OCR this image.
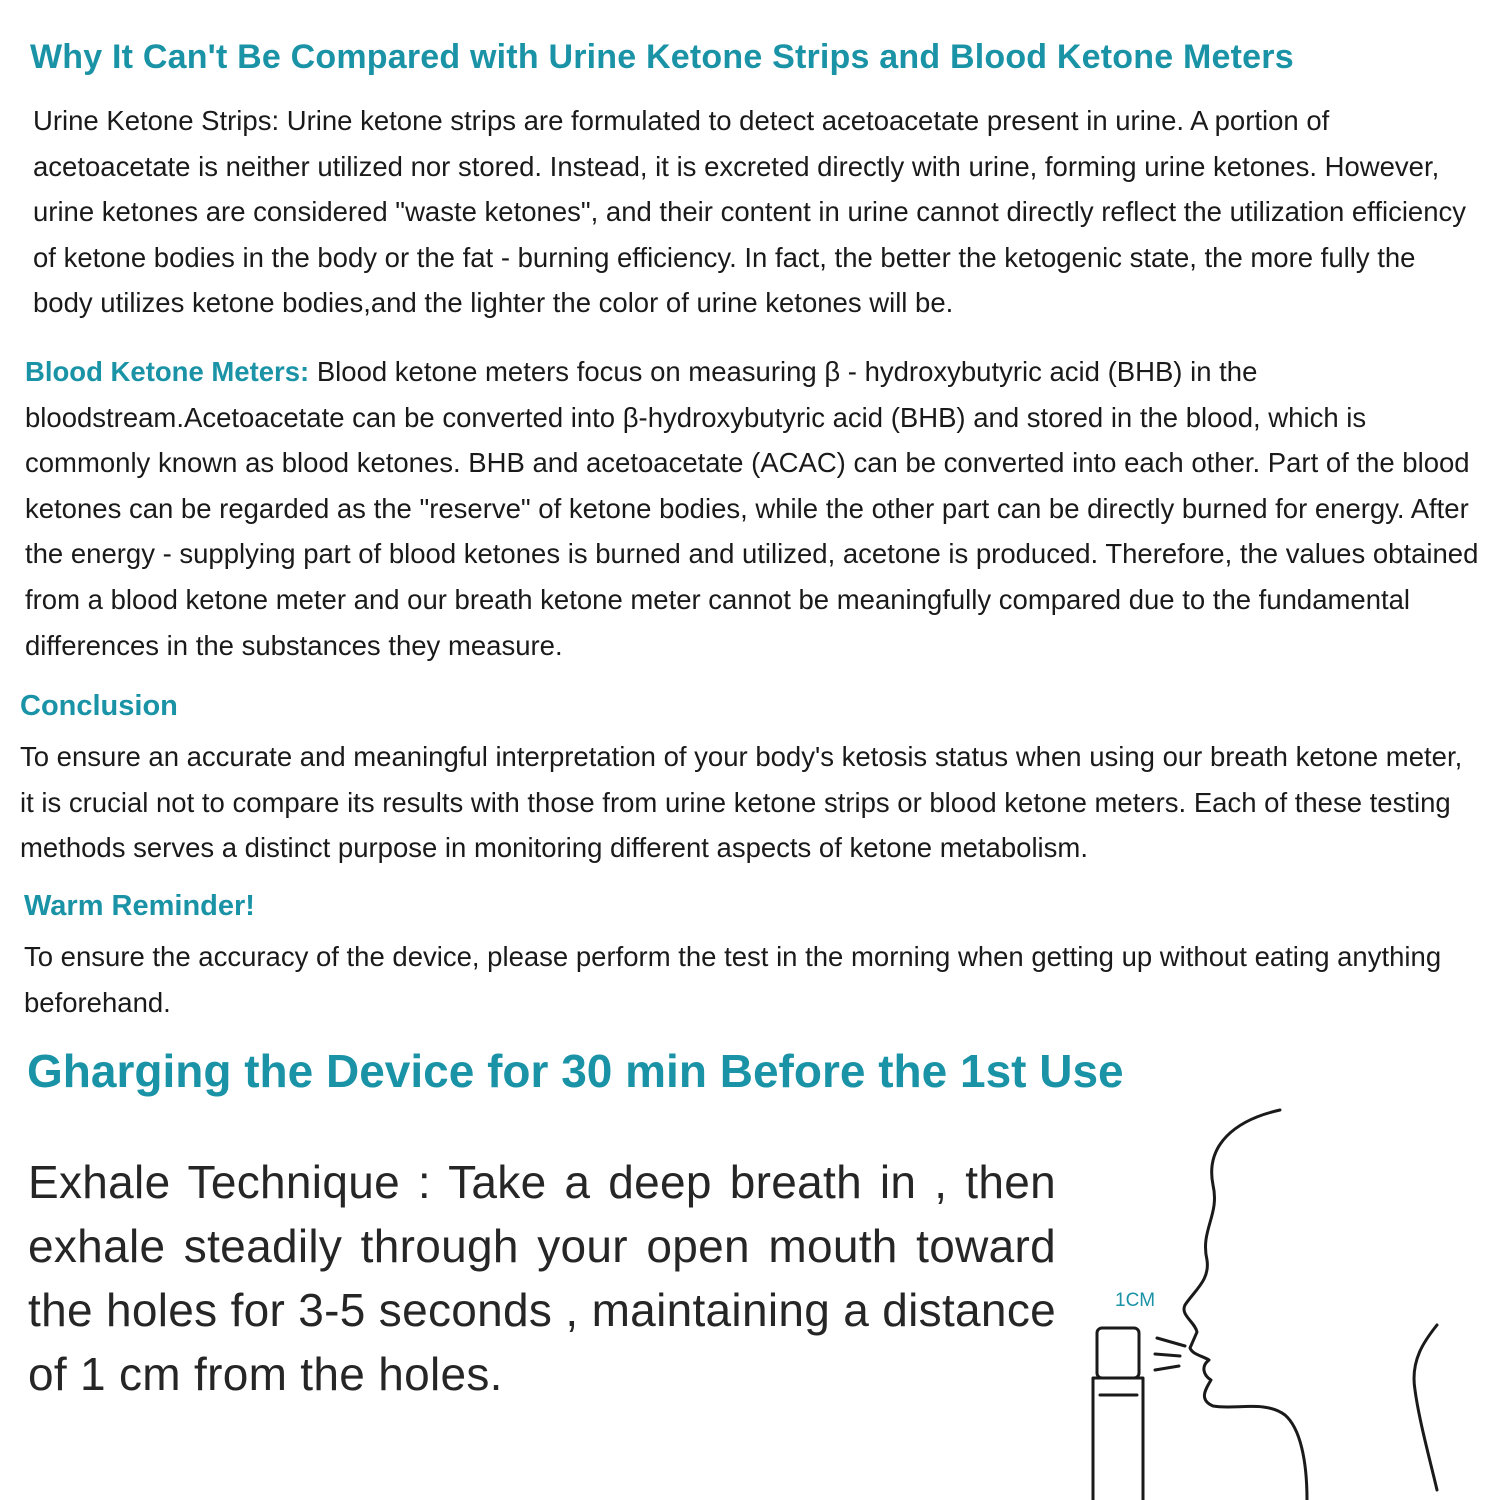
Why It Can't Be Compared with Urine Ketone Strips and Blood Ketone Meters

Urine Ketone Strips: Urine ketone strips are formulated to detect acetoacetate present in urine. A portion of acetoacetate is neither utilized nor stored. Instead, it is excreted directly with urine, forming urine ketones. However, urine ketones are considered "waste ketones", and their content in urine cannot directly reflect the utilization efficiency of ketone bodies in the body or the fat - burning efficiency. In fact, the better the ketogenic state, the more fully the body utilizes ketone bodies,and the lighter the color of urine ketones will be.

Blood Ketone Meters: Blood ketone meters focus on measuring β - hydroxybutyric acid (BHB) in the bloodstream.Acetoacetate can be converted into β-hydroxybutyric acid (BHB) and stored in the blood, which is commonly known as blood ketones. BHB and acetoacetate (ACAC) can be converted into each other. Part of the blood ketones can be regarded as the "reserve" of ketone bodies, while the other part can be directly burned for energy. After the energy - supplying part of blood ketones is burned and utilized, acetone is produced. Therefore, the values obtained from a blood ketone meter and our breath ketone meter cannot be meaningfully compared due to the fundamental differences in the substances they measure.

Conclusion

To ensure an accurate and meaningful interpretation of your body's ketosis status when using our breath ketone meter, it is crucial not to compare its results with those from urine ketone strips or blood ketone meters. Each of these testing methods serves a distinct purpose in monitoring different aspects of ketone metabolism.

Warm Reminder!

To ensure the accuracy of the device, please perform the test in the morning when getting up without eating anything beforehand.

Gharging the Device for 30 min Before the 1st Use

Exhale Technique : Take a deep breath in , then exhale steadily through your open mouth toward the holes for 3-5 seconds , maintaining a distance of 1 cm from the holes.

1CM
